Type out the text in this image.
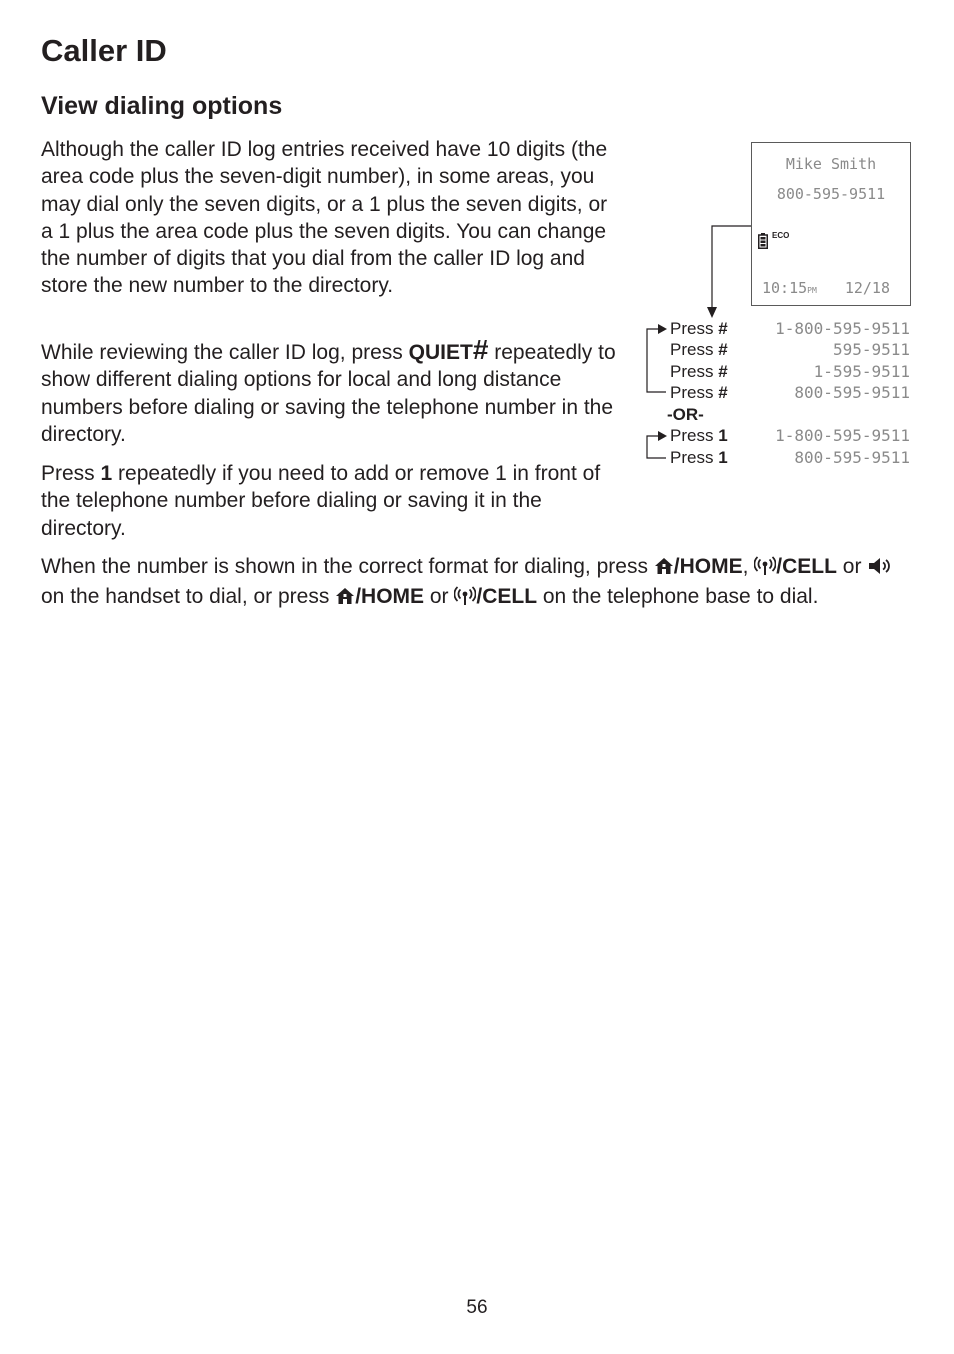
Caller ID
View dialing options

Although the caller ID log entries received have 10 digits (the area code plus the seven-digit number), in some areas, you may dial only the seven digits, or a 1 plus the seven digits, or a 1 plus the area code plus the seven digits. You can change the number of digits that you dial from the caller ID log and store the new number to the directory.

While reviewing the caller ID log, press QUIET# repeatedly to show different dialing options for local and long distance numbers before dialing or saving the telephone number in the directory.

Press 1 repeatedly if you need to add or remove 1 in front of the telephone number before dialing or saving it in the directory.

When the number is shown in the correct format for dialing, press /HOME, /CELL or  on the handset to dial, or press /HOME or /CELL on the telephone base to dial.

Mike Smith
800-595-9511
ECO
10:15PM 12/18
Press #
Press #
Press #
Press #
-OR-
Press 1
Press 1
1-800-595-9511
595-9511
1-595-9511
800-595-9511
1-800-595-9511
800-595-9511
56
